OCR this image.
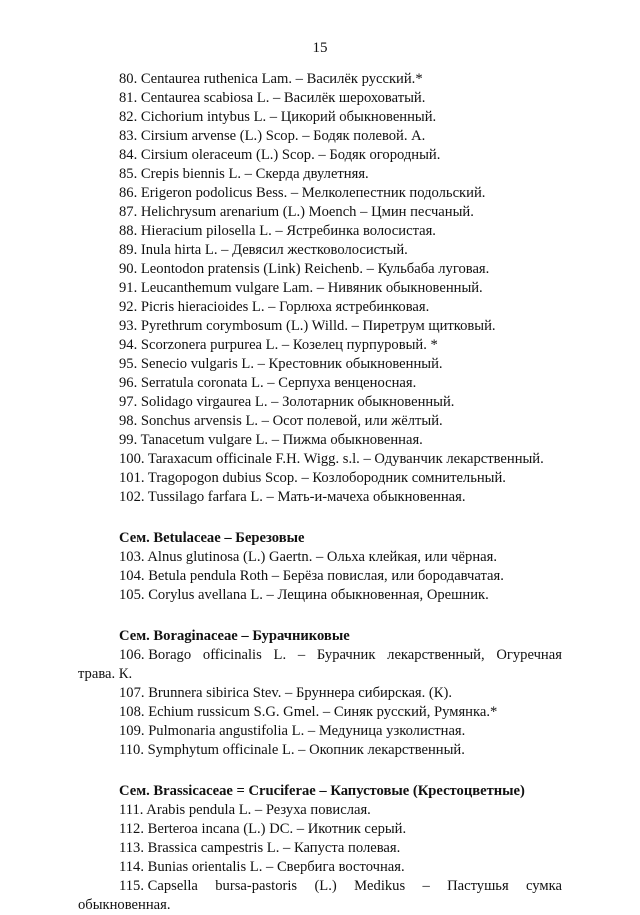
15
80. Centaurea ruthenica Lam. – Василёк русский.*
81. Centaurea scabiosa L. – Василёк шероховатый.
82. Cichorium intybus L. – Цикорий обыкновенный.
83. Cirsium arvense (L.) Scop. – Бодяк полевой. А.
84. Cirsium oleraceum (L.) Scop. – Бодяк огородный.
85. Crepis biennis L. – Скерда двулетняя.
86. Erigeron podolicus Bess. – Мелколепестник подольский.
87. Helichrysum arenarium (L.) Moench – Цмин песчаный.
88. Hieracium pilosella L. – Ястребинка волосистая.
89. Inula hirta L. – Девясил жестковолосистый.
90. Leontodon pratensis (Link) Reichenb. – Кульбаба луговая.
91. Leucanthemum vulgare Lam. – Нивяник обыкновенный.
92. Picris hieracioides L. – Горлюха ястребинковая.
93. Pyrethrum corymbosum (L.) Willd. – Пиретрум щитковый.
94. Scorzonera purpurea L. – Козелец пурпуровый. *
95. Senecio vulgaris L. – Крестовник обыкновенный.
96. Serratula coronata L. – Серпуха венценосная.
97. Solidago virgaurea L. – Золотарник обыкновенный.
98. Sonchus arvensis L. – Осот полевой, или жёлтый.
99. Tanacetum vulgare L. – Пижма обыкновенная.
100. Taraxacum officinale F.H. Wigg. s.l. – Одуванчик лекарственный.
101. Tragopogon dubius Scop. – Козлобородник сомнительный.
102. Tussilago farfara L. – Мать-и-мачеха обыкновенная.
Сем. Betulaceae – Березовые
103. Alnus glutinosa (L.) Gaertn. – Ольха клейкая, или чёрная.
104. Betula pendula Roth – Берёза повислая, или бородавчатая.
105. Corylus avellana L. – Лещина обыкновенная, Орешник.
Сем. Boraginaceae – Бурачниковые
106. Borago officinalis L. – Бурачник лекарственный, Огуречная
трава. К.
107. Brunnera sibirica Stev. – Бруннера сибирская. (К).
108. Echium russicum S.G. Gmel. – Синяк русский, Румянка.*
109. Pulmonaria angustifolia L. – Медуница узколистная.
110. Symphytum officinale L. – Окопник лекарственный.
Сем. Brassicaceae = Cruciferae – Капустовые (Крестоцветные)
111. Arabis pendula L. – Резуха повислая.
112. Berteroa incana (L.) DC. – Икотник серый.
113. Brassica campestris L. – Капуста полевая.
114. Bunias orientalis L. – Свербига восточная.
115. Capsella bursa-pastoris (L.) Medikus – Пастушья сумка
обыкновенная.
